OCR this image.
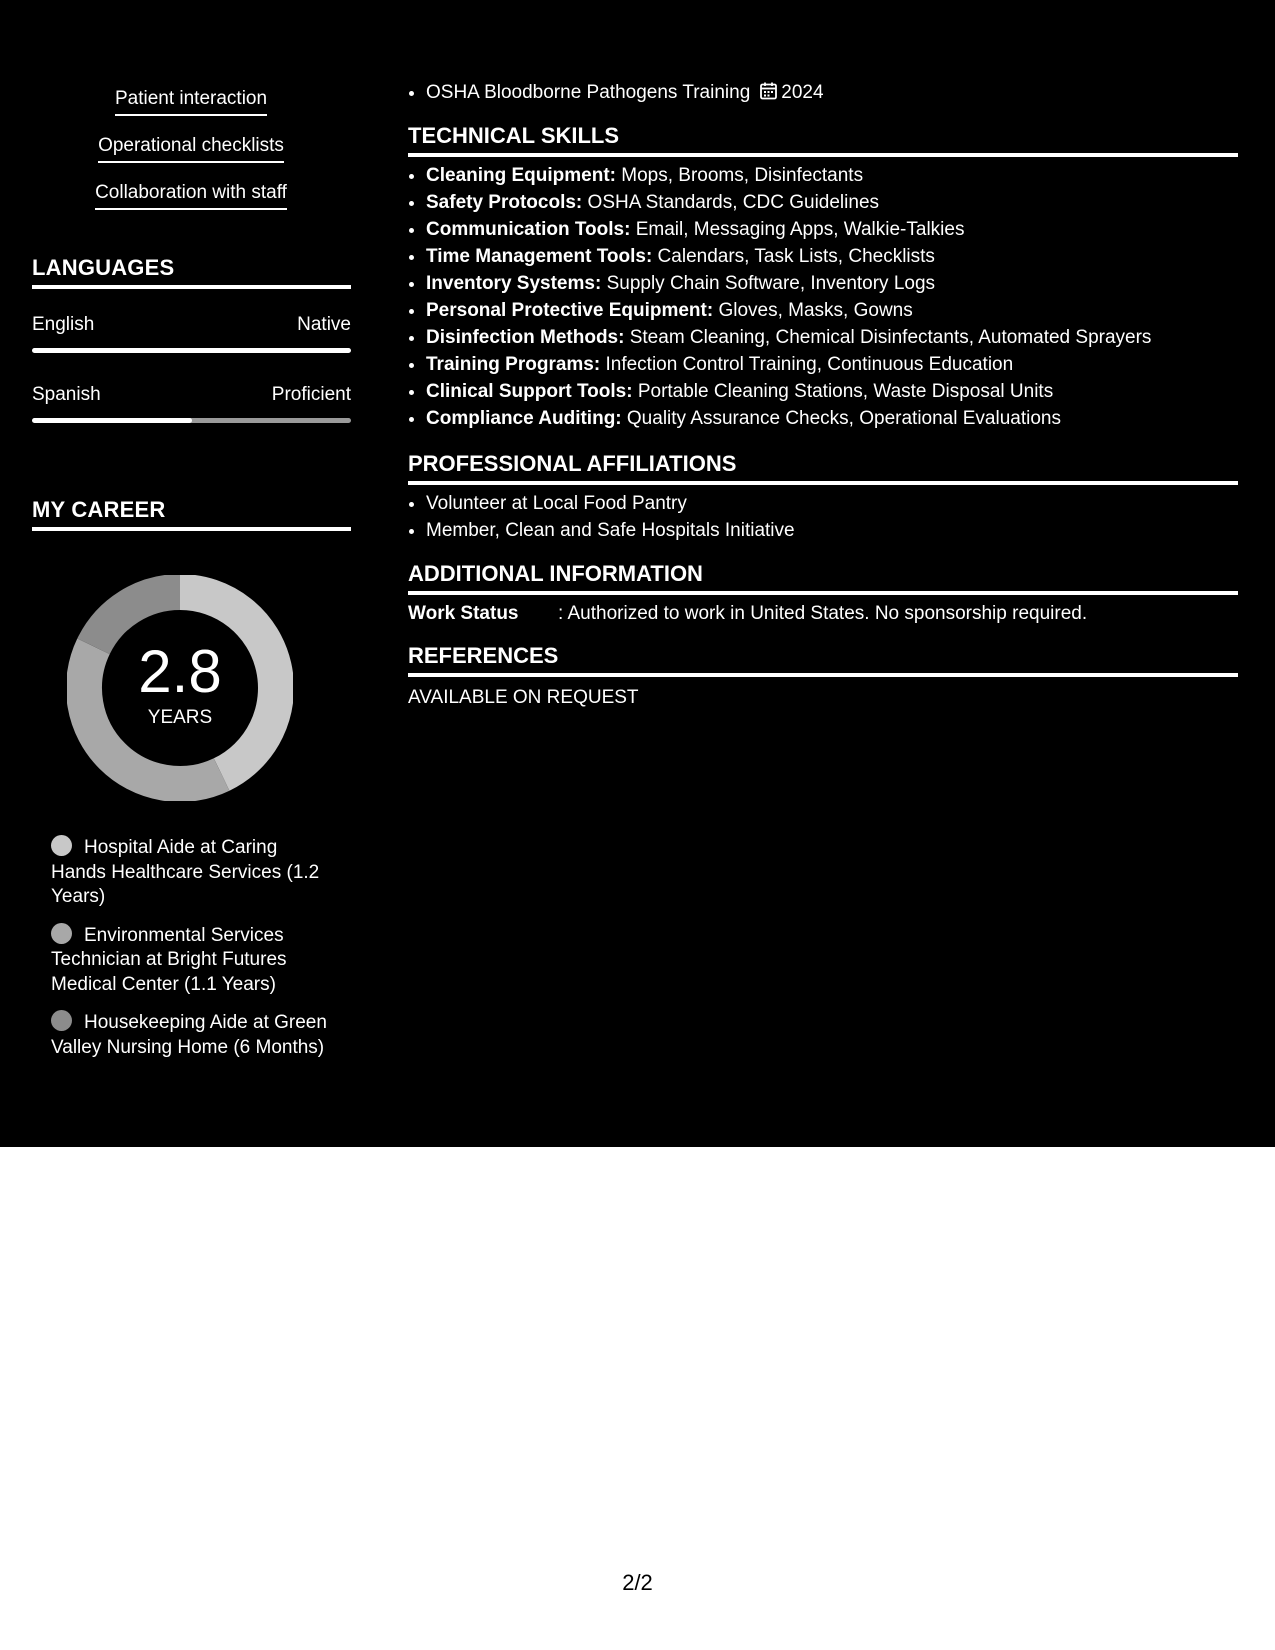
Patient interaction
Operational checklists
Collaboration with staff
LANGUAGES
English	Native
Spanish	Proficient
MY CAREER
2.8
YEARS
Hospital Aide at Caring Hands Healthcare Services (1.2 Years)
Environmental Services Technician at Bright Futures Medical Center (1.1 Years)
Housekeeping Aide at Green Valley Nursing Home (6 Months)
• OSHA Bloodborne Pathogens Training 2024
TECHNICAL SKILLS
• Cleaning Equipment: Mops, Brooms, Disinfectants
• Safety Protocols: OSHA Standards, CDC Guidelines
• Communication Tools: Email, Messaging Apps, Walkie-Talkies
• Time Management Tools: Calendars, Task Lists, Checklists
• Inventory Systems: Supply Chain Software, Inventory Logs
• Personal Protective Equipment: Gloves, Masks, Gowns
• Disinfection Methods: Steam Cleaning, Chemical Disinfectants, Automated Sprayers
• Training Programs: Infection Control Training, Continuous Education
• Clinical Support Tools: Portable Cleaning Stations, Waste Disposal Units
• Compliance Auditing: Quality Assurance Checks, Operational Evaluations
PROFESSIONAL AFFILIATIONS
• Volunteer at Local Food Pantry
• Member, Clean and Safe Hospitals Initiative
ADDITIONAL INFORMATION
Work Status	: Authorized to work in United States. No sponsorship required.
REFERENCES
AVAILABLE ON REQUEST
2/2
